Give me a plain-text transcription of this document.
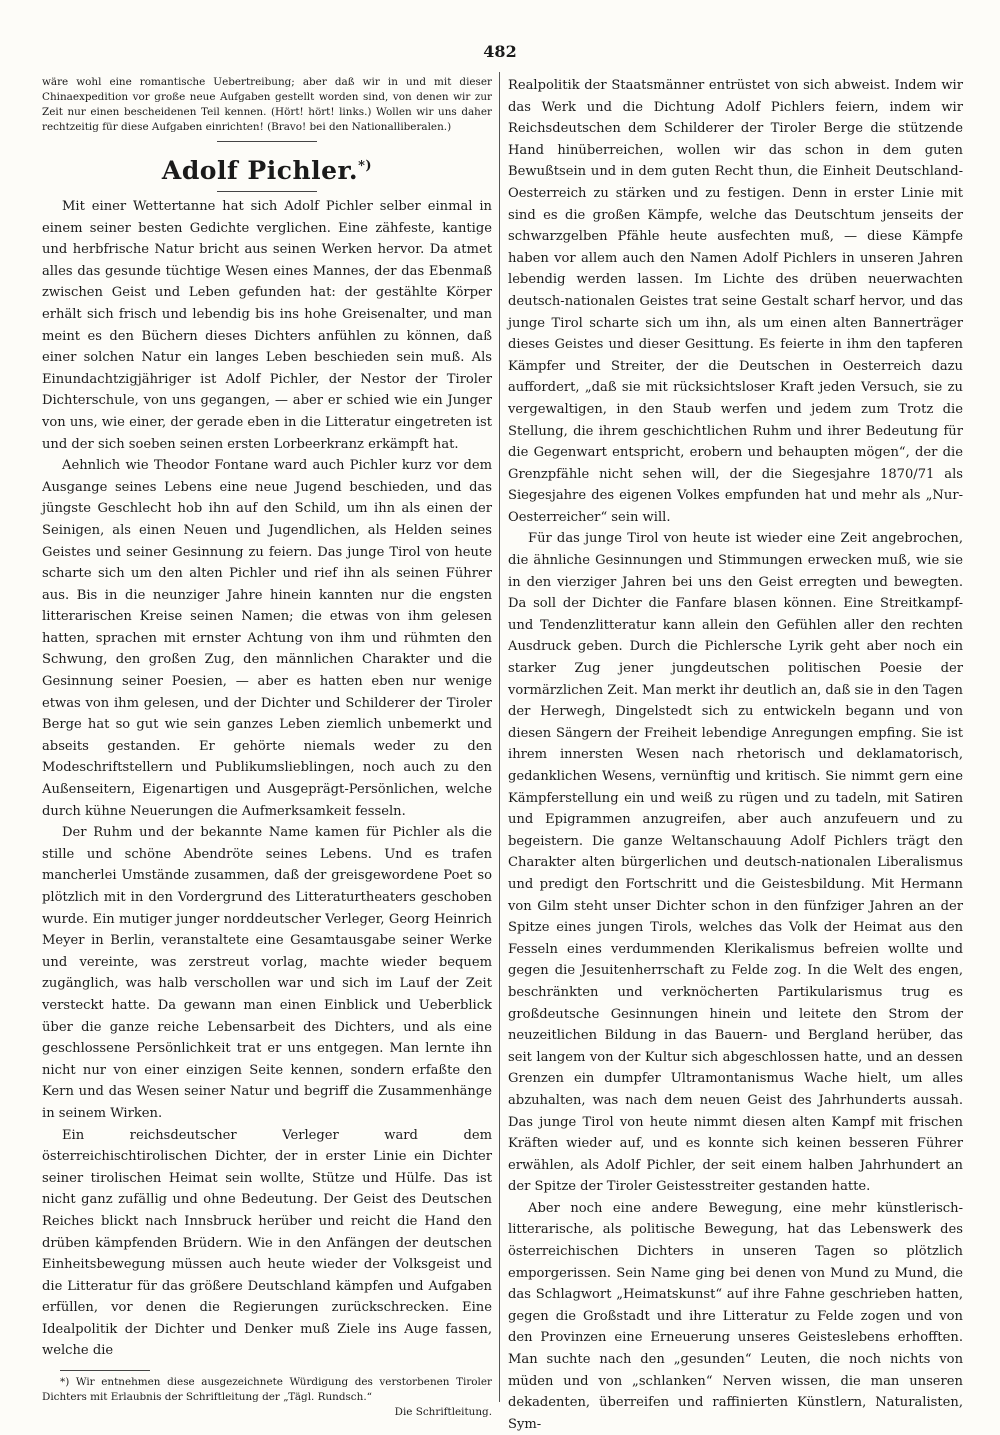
482

wäre wohl eine romantische Uebertreibung; aber daß wir in und mit dieser Chinaexpedition vor große neue Aufgaben gestellt worden sind, von denen wir zur Zeit nur einen bescheidenen Teil kennen. (Hört! hört! links.) Wollen wir uns daher rechtzeitig für diese Aufgaben einrichten! (Bravo! bei den Nationalliberalen.)

Adolf Pichler.*)

Mit einer Wettertanne hat sich Adolf Pichler selber einmal in einem seiner besten Gedichte verglichen. Eine zähfeste, kantige und herbfrische Natur bricht aus seinen Werken hervor. Da atmet alles das gesunde tüchtige Wesen eines Mannes, der das Ebenmaß zwischen Geist und Leben gefunden hat: der gestählte Körper erhält sich frisch und lebendig bis ins hohe Greisenalter, und man meint es den Büchern dieses Dichters anfühlen zu können, daß einer solchen Natur ein langes Leben beschieden sein muß. Als Einundachtzigjähriger ist Adolf Pichler, der Nestor der Tiroler Dichterschule, von uns gegangen, — aber er schied wie ein Junger von uns, wie einer, der gerade eben in die Litteratur eingetreten ist und der sich soeben seinen ersten Lorbeerkranz erkämpft hat.

Aehnlich wie Theodor Fontane ward auch Pichler kurz vor dem Ausgange seines Lebens eine neue Jugend beschieden, und das jüngste Geschlecht hob ihn auf den Schild, um ihn als einen der Seinigen, als einen Neuen und Jugendlichen, als Helden seines Geistes und seiner Gesinnung zu feiern. Das junge Tirol von heute scharte sich um den alten Pichler und rief ihn als seinen Führer aus. Bis in die neunziger Jahre hinein kannten nur die engsten litterarischen Kreise seinen Namen; die etwas von ihm gelesen hatten, sprachen mit ernster Achtung von ihm und rühmten den Schwung, den großen Zug, den männlichen Charakter und die Gesinnung seiner Poesien, — aber es hatten eben nur wenige etwas von ihm gelesen, und der Dichter und Schilderer der Tiroler Berge hat so gut wie sein ganzes Leben ziemlich unbemerkt und abseits gestanden. Er gehörte niemals weder zu den Modeschriftstellern und Publikumslieblingen, noch auch zu den Außenseitern, Eigenartigen und Ausgeprägt-Persönlichen, welche durch kühne Neuerungen die Aufmerksamkeit fesseln.

Der Ruhm und der bekannte Name kamen für Pichler als die stille und schöne Abendröte seines Lebens. Und es trafen mancherlei Umstände zusammen, daß der greisgewordene Poet so plötzlich mit in den Vordergrund des Litteraturtheaters geschoben wurde. Ein mutiger junger norddeutscher Verleger, Georg Heinrich Meyer in Berlin, veranstaltete eine Gesamtausgabe seiner Werke und vereinte, was zerstreut vorlag, machte wieder bequem zugänglich, was halb verschollen war und sich im Lauf der Zeit versteckt hatte. Da gewann man einen Einblick und Ueberblick über die ganze reiche Lebensarbeit des Dichters, und als eine geschlossene Persönlichkeit trat er uns entgegen. Man lernte ihn nicht nur von einer einzigen Seite kennen, sondern erfaßte den Kern und das Wesen seiner Natur und begriff die Zusammenhänge in seinem Wirken.

Ein reichsdeutscher Verleger ward dem österreichischtirolischen Dichter, der in erster Linie ein Dichter seiner tirolischen Heimat sein wollte, Stütze und Hülfe. Das ist nicht ganz zufällig und ohne Bedeutung. Der Geist des Deutschen Reiches blickt nach Innsbruck herüber und reicht die Hand den drüben kämpfenden Brüdern. Wie in den Anfängen der deutschen Einheitsbewegung müssen auch heute wieder der Volksgeist und die Litteratur für das größere Deutschland kämpfen und Aufgaben erfüllen, vor denen die Regierungen zurückschrecken. Eine Idealpolitik der Dichter und Denker muß Ziele ins Auge fassen, welche die

*) Wir entnehmen diese ausgezeichnete Würdigung des verstorbenen Tiroler Dichters mit Erlaubnis der Schriftleitung der „Tägl. Rundsch.“
Die Schriftleitung.

Realpolitik der Staatsmänner entrüstet von sich abweist. Indem wir das Werk und die Dichtung Adolf Pichlers feiern, indem wir Reichsdeutschen dem Schilderer der Tiroler Berge die stützende Hand hinüberreichen, wollen wir das schon in dem guten Bewußtsein und in dem guten Recht thun, die Einheit Deutschland-Oesterreich zu stärken und zu festigen. Denn in erster Linie mit sind es die großen Kämpfe, welche das Deutschtum jenseits der schwarzgelben Pfähle heute ausfechten muß, — diese Kämpfe haben vor allem auch den Namen Adolf Pichlers in unseren Jahren lebendig werden lassen. Im Lichte des drüben neuerwachten deutsch-nationalen Geistes trat seine Gestalt scharf hervor, und das junge Tirol scharte sich um ihn, als um einen alten Bannerträger dieses Geistes und dieser Gesittung. Es feierte in ihm den tapferen Kämpfer und Streiter, der die Deutschen in Oesterreich dazu auffordert, „daß sie mit rücksichtsloser Kraft jeden Versuch, sie zu vergewaltigen, in den Staub werfen und jedem zum Trotz die Stellung, die ihrem geschichtlichen Ruhm und ihrer Bedeutung für die Gegenwart entspricht, erobern und behaupten mögen“, der die Grenzpfähle nicht sehen will, der die Siegesjahre 1870/71 als Siegesjahre des eigenen Volkes empfunden hat und mehr als „Nur-Oesterreicher“ sein will.

Für das junge Tirol von heute ist wieder eine Zeit angebrochen, die ähnliche Gesinnungen und Stimmungen erwecken muß, wie sie in den vierziger Jahren bei uns den Geist erregten und bewegten. Da soll der Dichter die Fanfare blasen können. Eine Streitkampf- und Tendenzlitteratur kann allein den Gefühlen aller den rechten Ausdruck geben. Durch die Pichlersche Lyrik geht aber noch ein starker Zug jener jungdeutschen politischen Poesie der vormärzlichen Zeit. Man merkt ihr deutlich an, daß sie in den Tagen der Herwegh, Dingelstedt sich zu entwickeln begann und von diesen Sängern der Freiheit lebendige Anregungen empfing. Sie ist ihrem innersten Wesen nach rhetorisch und deklamatorisch, gedanklichen Wesens, vernünftig und kritisch. Sie nimmt gern eine Kämpferstellung ein und weiß zu rügen und zu tadeln, mit Satiren und Epigrammen anzugreifen, aber auch anzufeuern und zu begeistern. Die ganze Weltanschauung Adolf Pichlers trägt den Charakter alten bürgerlichen und deutsch-nationalen Liberalismus und predigt den Fortschritt und die Geistesbildung. Mit Hermann von Gilm steht unser Dichter schon in den fünfziger Jahren an der Spitze eines jungen Tirols, welches das Volk der Heimat aus den Fesseln eines verdummenden Klerikalismus befreien wollte und gegen die Jesuitenherrschaft zu Felde zog. In die Welt des engen, beschränkten und verknöcherten Partikularismus trug es großdeutsche Gesinnungen hinein und leitete den Strom der neuzeitlichen Bildung in das Bauern- und Bergland herüber, das seit langem von der Kultur sich abgeschlossen hatte, und an dessen Grenzen ein dumpfer Ultramontanismus Wache hielt, um alles abzuhalten, was nach dem neuen Geist des Jahrhunderts aussah. Das junge Tirol von heute nimmt diesen alten Kampf mit frischen Kräften wieder auf, und es konnte sich keinen besseren Führer erwählen, als Adolf Pichler, der seit einem halben Jahrhundert an der Spitze der Tiroler Geistesstreiter gestanden hatte.

Aber noch eine andere Bewegung, eine mehr künstlerisch-litterarische, als politische Bewegung, hat das Lebenswerk des österreichischen Dichters in unseren Tagen so plötzlich emporgerissen. Sein Name ging bei denen von Mund zu Mund, die das Schlagwort „Heimatskunst“ auf ihre Fahne geschrieben hatten, gegen die Großstadt und ihre Litteratur zu Felde zogen und von den Provinzen eine Erneuerung unseres Geisteslebens erhofften. Man suchte nach den „gesunden“ Leuten, die noch nichts von müden und von „schlanken“ Nerven wissen, die man unseren dekadenten, überreifen und raffinierten Künstlern, Naturalisten, Sym-
